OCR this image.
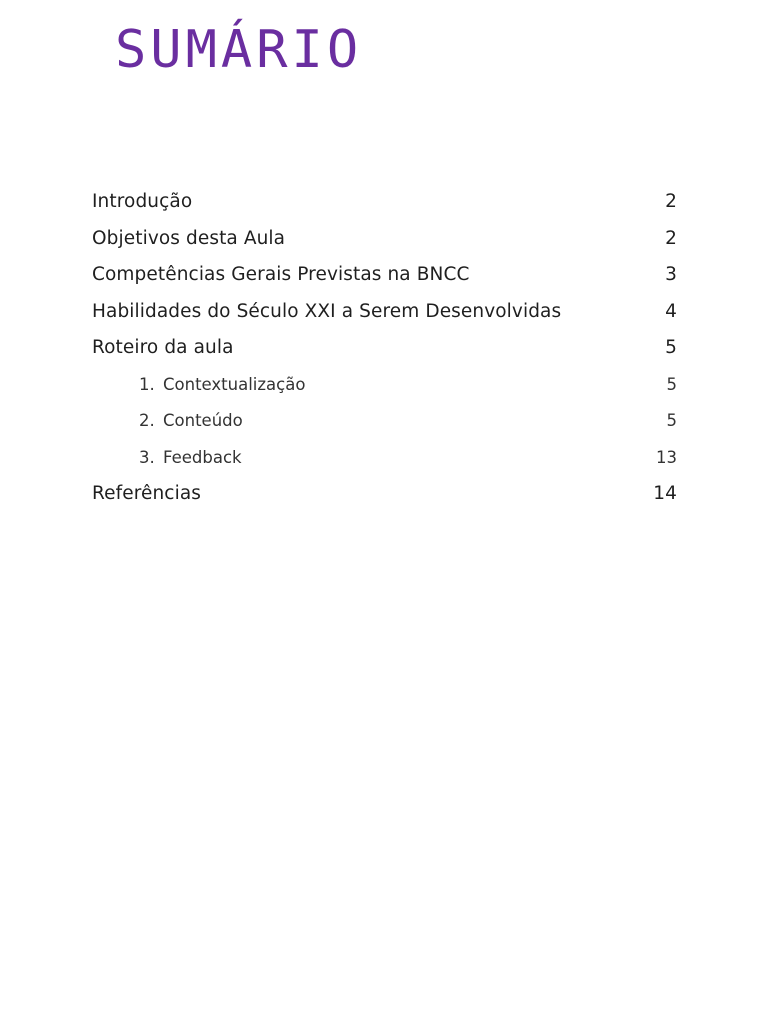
SUMÁRIO
Introdução	2
Objetivos desta Aula	2
Competências Gerais Previstas na BNCC	3
Habilidades do Século XXI a Serem Desenvolvidas	4
Roteiro da aula	5
1. Contextualização	5
2. Conteúdo	5
3. Feedback	13
Referências	14
